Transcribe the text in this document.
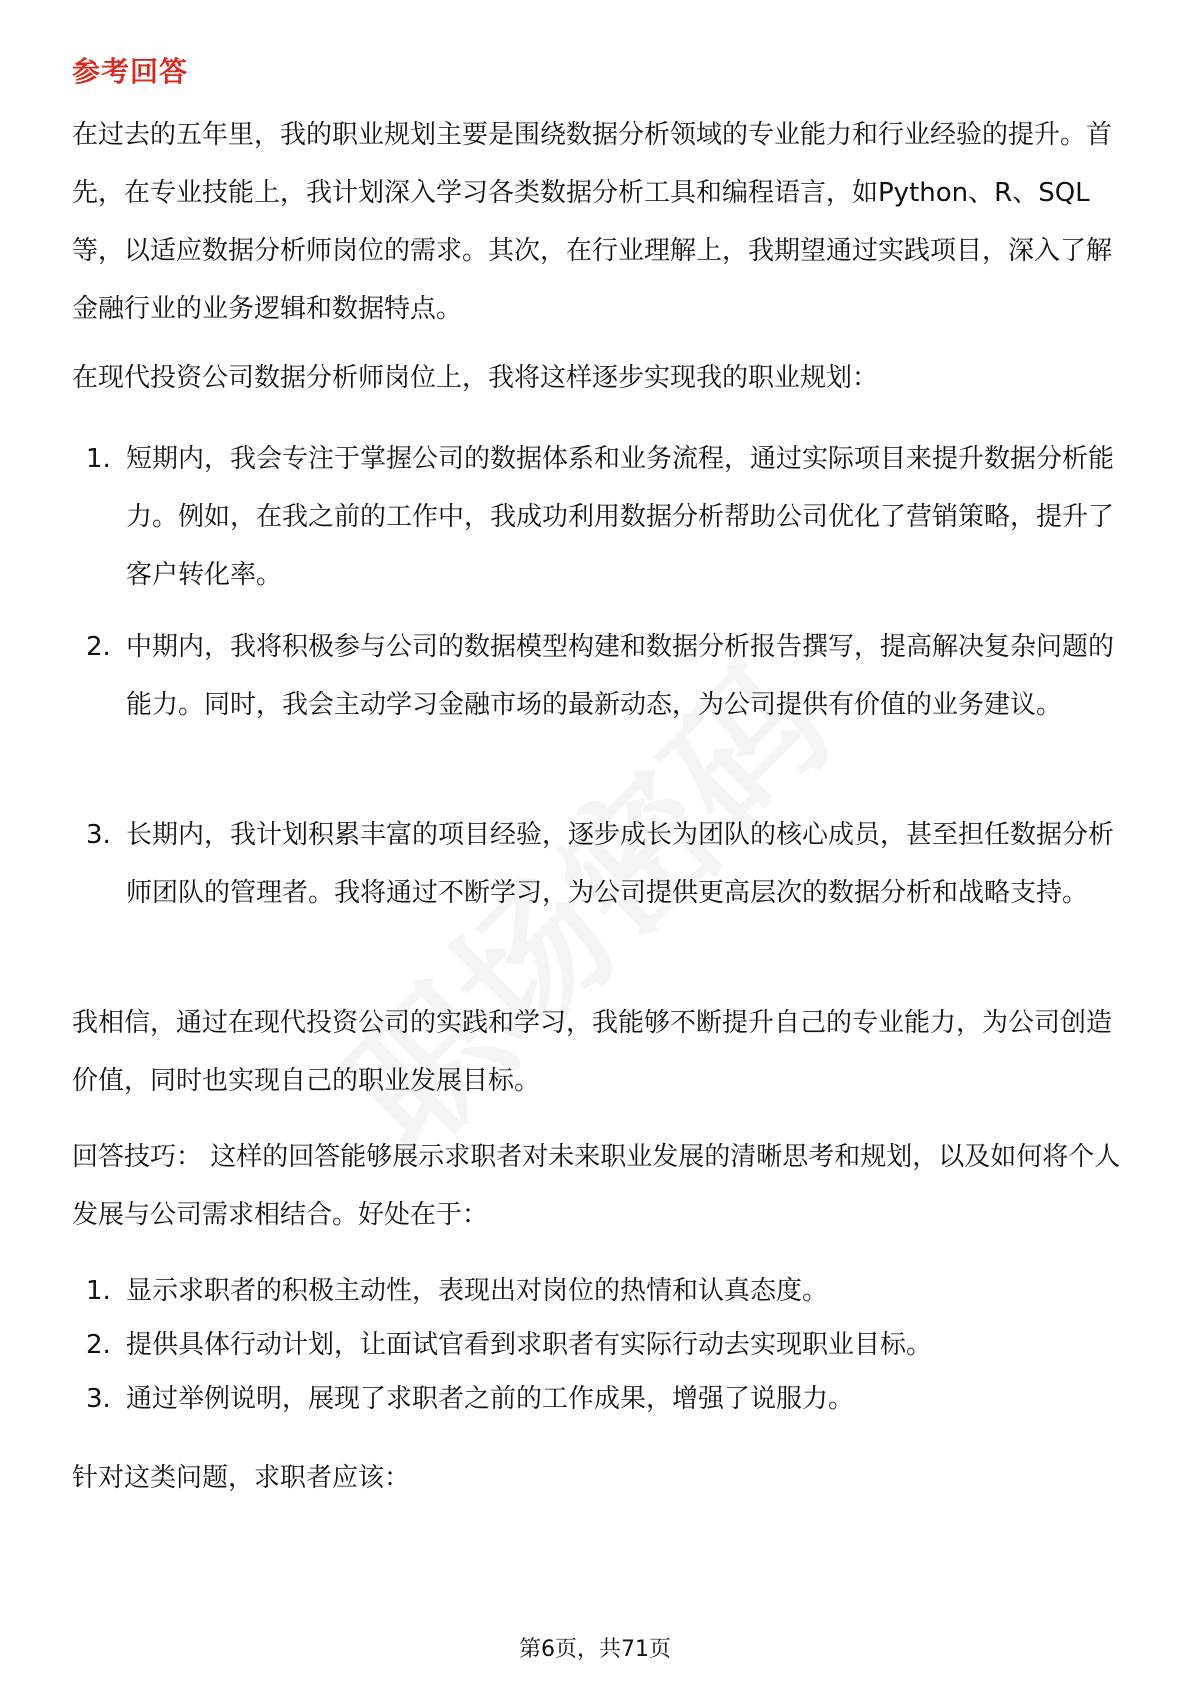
参考回答

在过去的五年里，我的职业规划主要是围绕数据分析领域的专业能力和行业经验的提升。首先，在专业技能上，我计划深入学习各类数据分析工具和编程语言，如Python、R、SQL等，以适应数据分析师岗位的需求。其次，在行业理解上，我期望通过实践项目，深入了解金融行业的业务逻辑和数据特点。

在现代投资公司数据分析师岗位上，我将这样逐步实现我的职业规划：

1. 短期内，我会专注于掌握公司的数据体系和业务流程，通过实际项目来提升数据分析能力。例如，在我之前的工作中，我成功利用数据分析帮助公司优化了营销策略，提升了客户转化率。
2. 中期内，我将积极参与公司的数据模型构建和数据分析报告撰写，提高解决复杂问题的能力。同时，我会主动学习金融市场的最新动态，为公司提供有价值的业务建议。
3. 长期内，我计划积累丰富的项目经验，逐步成长为团队的核心成员，甚至担任数据分析师团队的管理者。我将通过不断学习，为公司提供更高层次的数据分析和战略支持。

我相信，通过在现代投资公司的实践和学习，我能够不断提升自己的专业能力，为公司创造价值，同时也实现自己的职业发展目标。

回答技巧： 这样的回答能够展示求职者对未来职业发展的清晰思考和规划，以及如何将个人发展与公司需求相结合。好处在于：

1. 显示求职者的积极主动性，表现出对岗位的热情和认真态度。
2. 提供具体行动计划，让面试官看到求职者有实际行动去实现职业目标。
3. 通过举例说明，展现了求职者之前的工作成果，增强了说服力。

针对这类问题，求职者应该：

第6页，共71页
